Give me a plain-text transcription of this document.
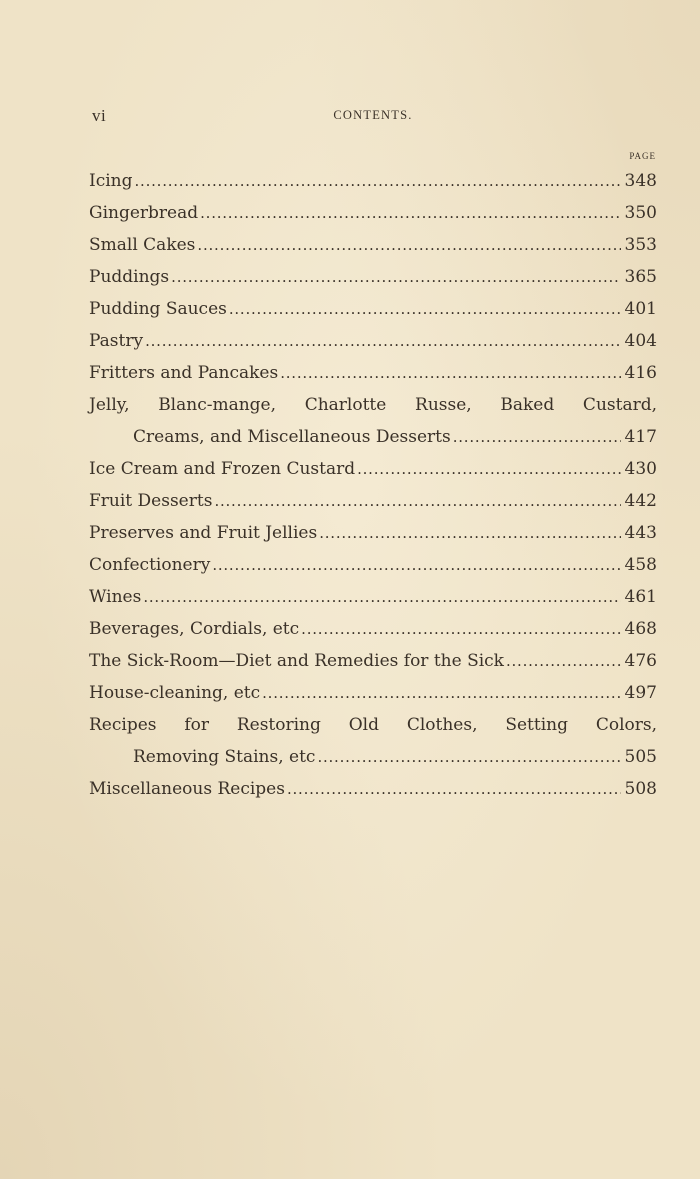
vi	CONTENTS.
PAGE
Icing . . .	348
Gingerbread . . .	350
Small Cakes . . .	353
Puddings . . .	365
Pudding Sauces . . .	401
Pastry . . .	404
Fritters and Pancakes . . .	416
Jelly, Blanc-mange, Charlotte Russe, Baked Custard,
Creams, and Miscellaneous Desserts . . .	417
Ice Cream and Frozen Custard . . .	430
Fruit Desserts . . .	442
Preserves and Fruit Jellies . . .	443
Confectionery . . .	458
Wines . . .	461
Beverages, Cordials, etc . . .	468
The Sick-Room—Diet and Remedies for the Sick . . .	476
House-cleaning, etc . . .	497
Recipes for Restoring Old Clothes, Setting Colors,
Removing Stains, etc . . .	505
Miscellaneous Recipes . . .	508
